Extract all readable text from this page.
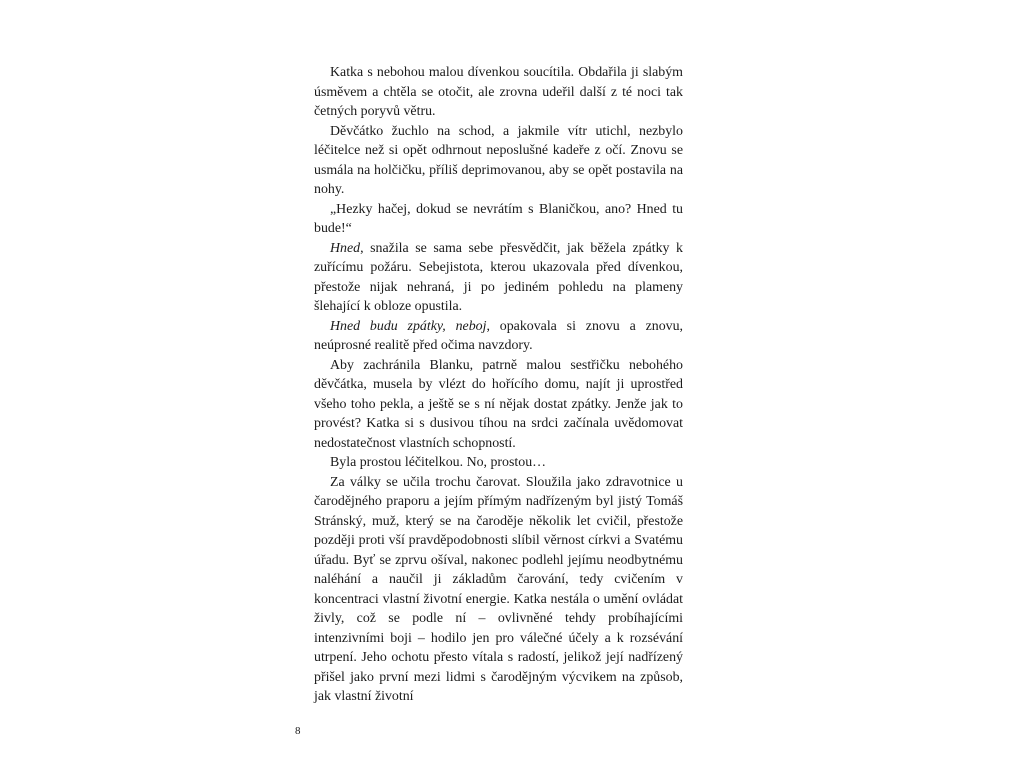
Katka s nebohou malou dívenkou soucítila. Obdařila ji slabým úsměvem a chtěla se otočit, ale zrovna udeřil další z té noci tak četných poryvů větru.

Děvčátko žuchlo na schod, a jakmile vítr utichl, nezbylo léčitelce než si opět odhrnout neposlušné kadeře z očí. Znovu se usmála na holčičku, příliš deprimovanou, aby se opět postavila na nohy.

„Hezky hačej, dokud se nevrátím s Blaničkou, ano? Hned tu bude!“

Hned, snažila se sama sebe přesvědčit, jak běžela zpátky k zuřícímu požáru. Sebejistota, kterou ukazovala před dívenkou, přestože nijak nehraná, ji po jediném pohledu na plameny šlehající k obloze opustila.

Hned budu zpátky, neboj, opakovala si znovu a znovu, neúprosné realitě před očima navzdory.

Aby zachránila Blanku, patrně malou sestřičku nebohého děvčátka, musela by vlézt do hořícího domu, najít ji uprostřed všeho toho pekla, a ještě se s ní nějak dostat zpátky. Jenže jak to provést? Katka si s dusivou tíhou na srdci začínala uvědomovat nedostatečnost vlastních schopností.

Byla prostou léčitelkou. No, prostou…

Za války se učila trochu čarovat. Sloužila jako zdravotnice u čarodějného praporu a jejím přímým nadřízeným byl jistý Tomáš Stránský, muž, který se na čaroděje několik let cvičil, přestože později proti vší pravděpodobnosti slíbil věrnost církvi a Svatému úřadu. Byť se zprvu ošíval, nakonec podlehl jejímu neodbytnému naléhání a naučil ji základům čarování, tedy cvičením v koncentraci vlastní životní energie. Katka nestála o umění ovládat živly, což se podle ní – ovlivněné tehdy probíhajícími intenzivními boji – hodilo jen pro válečné účely a k rozsévání utrpení. Jeho ochotu přesto vítala s radostí, jelikož její nadřízený přišel jako první mezi lidmi s čarodějným výcvikem na způsob, jak vlastní životní

8
